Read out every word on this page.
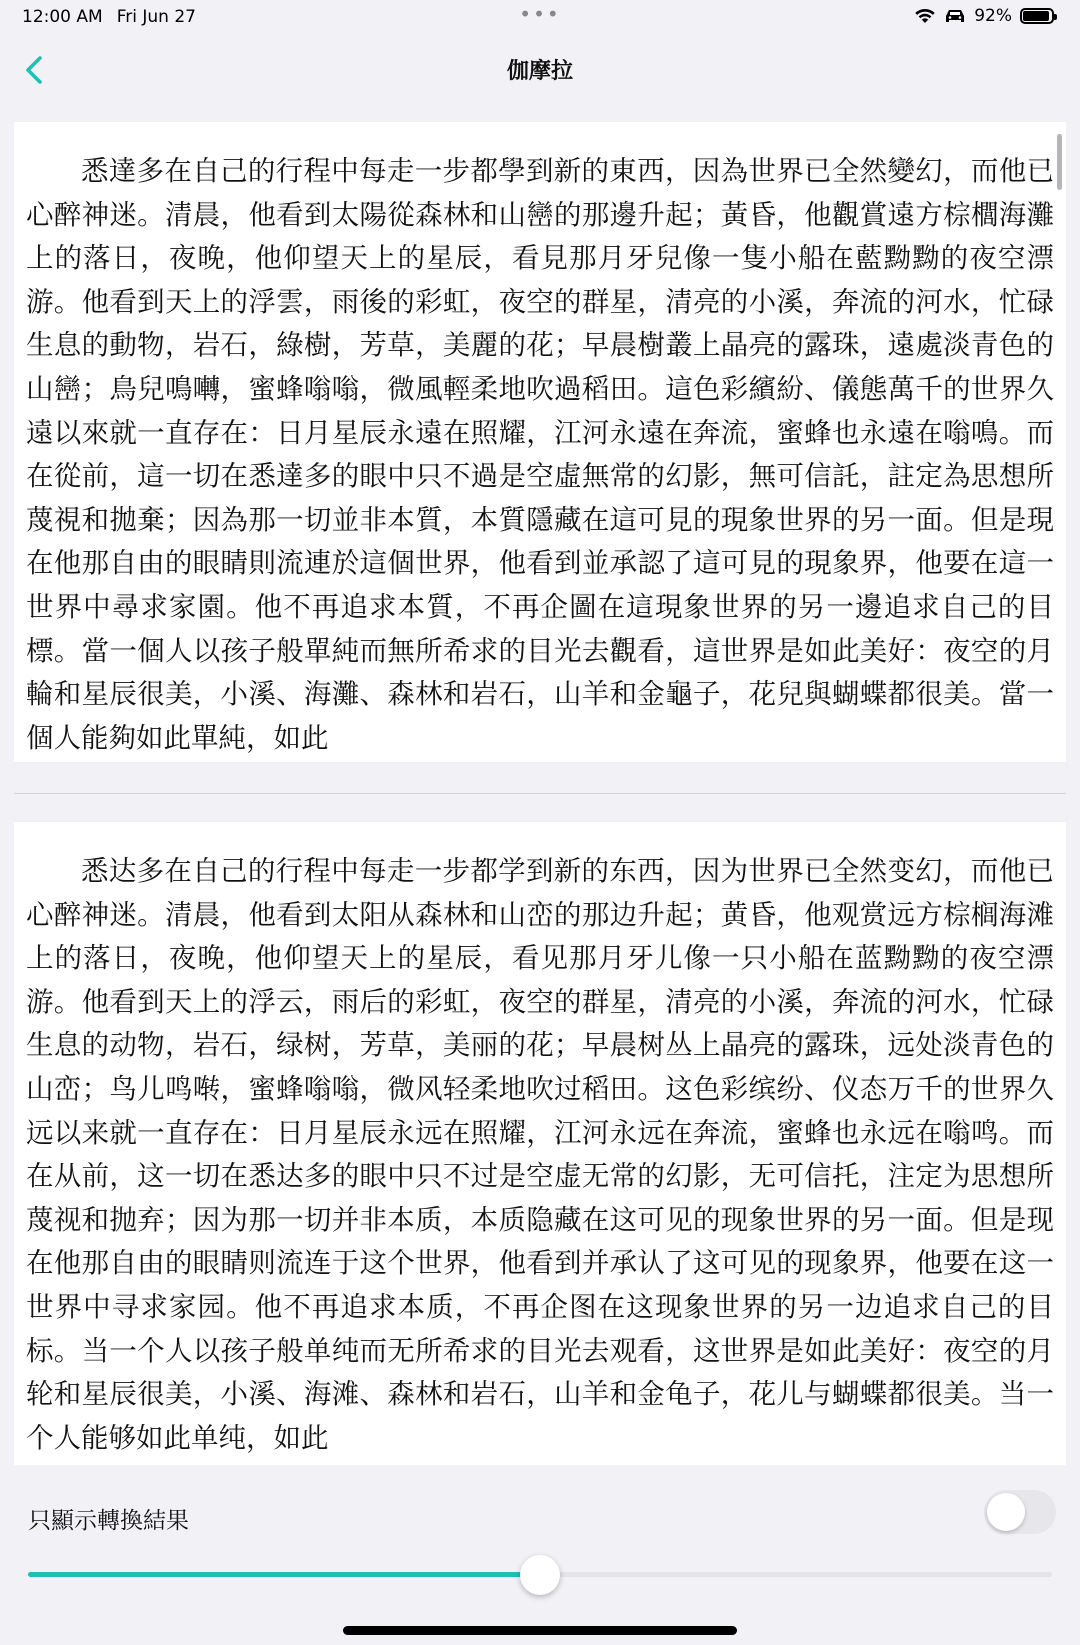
12:00 AM Fri Jun 27	•••	92%
伽摩拉

悉達多在自己的行程中每走一步都學到新的東西，因為世界已全然變幻，而他已心醉神迷。清晨，他看到太陽從森林和山巒的那邊升起；黃昏，他觀賞遠方棕櫚海灘上的落日，夜晚，他仰望天上的星辰，看見那月牙兒像一隻小船在藍黝黝的夜空漂游。他看到天上的浮雲，雨後的彩虹，夜空的群星，清亮的小溪，奔流的河水，忙碌生息的動物，岩石，綠樹，芳草，美麗的花；早晨樹叢上晶亮的露珠，遠處淡青色的山巒；鳥兒鳴囀，蜜蜂嗡嗡，微風輕柔地吹過稻田。這色彩繽紛、儀態萬千的世界久遠以來就一直存在：日月星辰永遠在照耀，江河永遠在奔流，蜜蜂也永遠在嗡鳴。而在從前，這一切在悉達多的眼中只不過是空虛無常的幻影，無可信託，註定為思想所蔑視和拋棄；因為那一切並非本質，本質隱藏在這可見的現象世界的另一面。但是現在他那自由的眼睛則流連於這個世界，他看到並承認了這可見的現象界，他要在這一世界中尋求家園。他不再追求本質，不再企圖在這現象世界的另一邊追求自己的目標。當一個人以孩子般單純而無所希求的目光去觀看，這世界是如此美好：夜空的月輪和星辰很美，小溪、海灘、森林和岩石，山羊和金龜子，花兒與蝴蝶都很美。當一個人能夠如此單純，如此

悉达多在自己的行程中每走一步都学到新的东西，因为世界已全然变幻，而他已心醉神迷。清晨，他看到太阳从森林和山峦的那边升起；黄昏，他观赏远方棕榈海滩上的落日，夜晚，他仰望天上的星辰，看见那月牙儿像一只小船在蓝黝黝的夜空漂游。他看到天上的浮云，雨后的彩虹，夜空的群星，清亮的小溪，奔流的河水，忙碌生息的动物，岩石，绿树，芳草，美丽的花；早晨树丛上晶亮的露珠，远处淡青色的山峦；鸟儿鸣啭，蜜蜂嗡嗡，微风轻柔地吹过稻田。这色彩缤纷、仪态万千的世界久远以来就一直存在：日月星辰永远在照耀，江河永远在奔流，蜜蜂也永远在嗡鸣。而在从前，这一切在悉达多的眼中只不过是空虚无常的幻影，无可信托，注定为思想所蔑视和抛弃；因为那一切并非本质，本质隐藏在这可见的现象世界的另一面。但是现在他那自由的眼睛则流连于这个世界，他看到并承认了这可见的现象界，他要在这一世界中寻求家园。他不再追求本质，不再企图在这现象世界的另一边追求自己的目标。当一个人以孩子般单纯而无所希求的目光去观看，这世界是如此美好：夜空的月轮和星辰很美，小溪、海滩、森林和岩石，山羊和金龟子，花儿与蝴蝶都很美。当一个人能够如此单纯，如此

只顯示轉換結果
